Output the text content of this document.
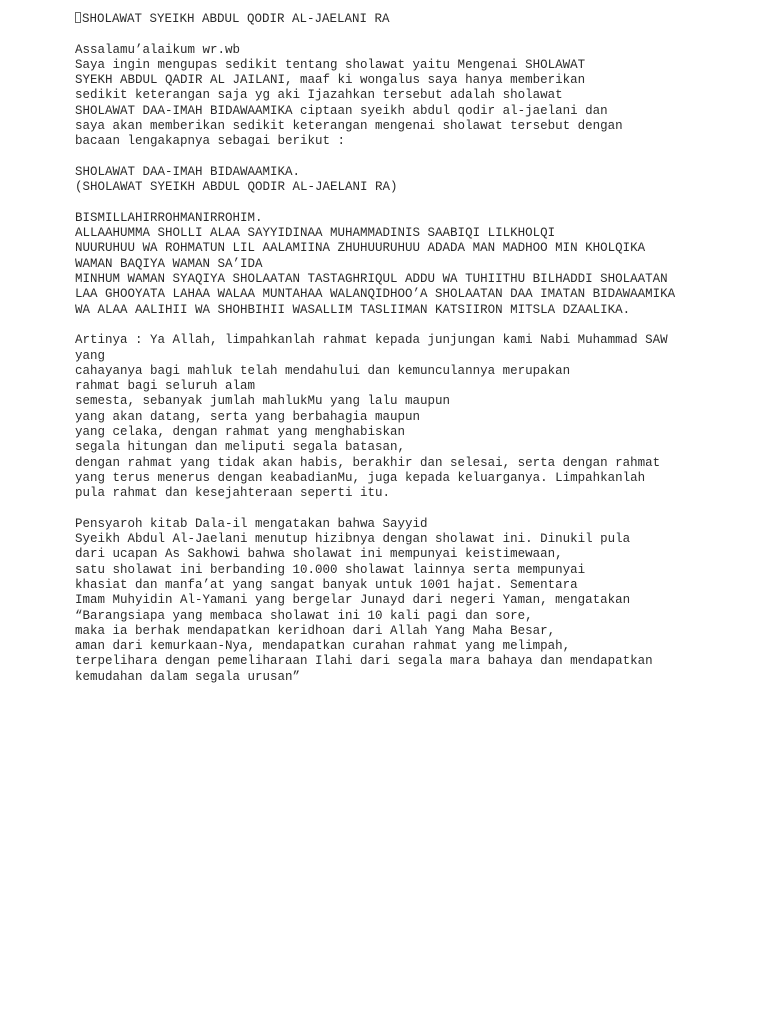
SHOLAWAT SYEIKH ABDUL QODIR AL-JAELANI RA
Assalamu’alaikum wr.wb
Saya ingin mengupas sedikit tentang sholawat yaitu Mengenai SHOLAWAT
SYEKH ABDUL QADIR AL JAILANI, maaf ki wongalus saya hanya memberikan
sedikit keterangan saja yg aki Ijazahkan tersebut adalah sholawat
SHOLAWAT DAA-IMAH BIDAWAAMIKA ciptaan syeikh abdul qodir al-jaelani dan
saya akan memberikan sedikit keterangan mengenai sholawat tersebut dengan
bacaan lengakapnya sebagai berikut :
SHOLAWAT DAA-IMAH BIDAWAAMIKA.
(SHOLAWAT SYEIKH ABDUL QODIR AL-JAELANI RA)
BISMILLAHIRROHMANIRROHIM.
ALLAAHUMMA SHOLLI ALAA SAYYIDINAA MUHAMMADINIS SAABIQI LILKHOLQI
NUURUHUU WA ROHMATUN LIL AALAMIINA ZHUHUURUHUU ADADA MAN MADHOO MIN KHOLQIKA
WAMAN BAQIYA WAMAN SA’IDA
MINHUM WAMAN SYAQIYA SHOLAATAN TASTAGHRIQUL ADDU WA TUHIITHU BILHADDI SHOLAATAN
LAA GHOOYATA LAHAA WALAA MUNTAHAA WALANQIDHOO’A SHOLAATAN DAA IMATAN BIDAWAAMIKA
WA ALAA AALIHII WA SHOHBIHII WASALLIM TASLIIMAN KATSIIRON MITSLA DZAALIKA.
Artinya : Ya Allah, limpahkanlah rahmat kepada junjungan kami Nabi Muhammad SAW
yang
cahayanya bagi mahluk telah mendahului dan kemunculannya merupakan
rahmat bagi seluruh alam
semesta, sebanyak jumlah mahlukMu yang lalu maupun
yang akan datang, serta yang berbahagia maupun
yang celaka, dengan rahmat yang menghabiskan
segala hitungan dan meliputi segala batasan,
dengan rahmat yang tidak akan habis, berakhir dan selesai, serta dengan rahmat
yang terus menerus dengan keabadianMu, juga kepada keluarganya. Limpahkanlah
pula rahmat dan kesejahteraan seperti itu.
Pensyaroh kitab Dala-il mengatakan bahwa Sayyid
Syeikh Abdul Al-Jaelani menutup hizibnya dengan sholawat ini. Dinukil pula
dari ucapan As Sakhowi bahwa sholawat ini mempunyai keistimewaan,
satu sholawat ini berbanding 10.000 sholawat lainnya serta mempunyai
khasiat dan manfa’at yang sangat banyak untuk 1001 hajat. Sementara
Imam Muhyidin Al-Yamani yang bergelar Junayd dari negeri Yaman, mengatakan
“Barangsiapa yang membaca sholawat ini 10 kali pagi dan sore,
maka ia berhak mendapatkan keridhoan dari Allah Yang Maha Besar,
aman dari kemurkaan-Nya, mendapatkan curahan rahmat yang melimpah,
terpelihara dengan pemeliharaan Ilahi dari segala mara bahaya dan mendapatkan
kemudahan dalam segala urusan”
